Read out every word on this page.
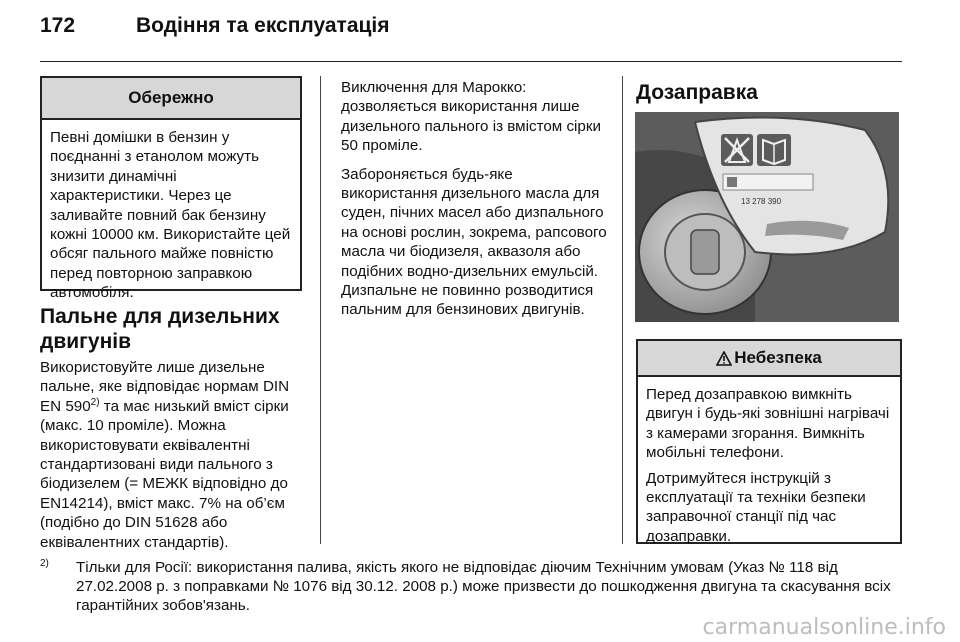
172	Водіння та експлуатація
Обережно

Певні домішки в бензин у поєднанні з етанолом можуть знизити динамічні характеристики. Через це заливайте повний бак бензину кожні 10000 км. Використайте цей обсяг пального майже повністю перед повторною заправкою автомобіля.

Пальне для дизельних двигунів

Використовуйте лише дизельне пальне, яке відповідає нормам DIN EN 590$^{2)}$ та має низький вміст сірки (макс. 10 проміле). Можна використовувати еквівалентні стандартизовані види пального з біодизелем (= МЕЖК відповідно до EN14214), вміст макс. 7% на об’єм (подібно до DIN 51628 або еквівалентних стандартів).

Виключення для Марокко: дозволяється використання лише дизельного пального із вмістом сірки 50 проміле.

Забороняється будь-яке використання дизельного масла для суден, пічних масел або дизпального на основі рослин, зокрема, рапсового масла чи біодизеля, аквазоля або подібних водно-дизельних емульсій. Дизпальне не повинно розводитися пальним для бензинових двигунів.

Дозаправка
13 278 390
Небезпека

Перед дозаправкою вимкніть двигун і будь-які зовнішні нагрівачі з камерами згорання. Вимкніть мобільні телефони.

Дотримуйтеся інструкцій з експлуатації та техніки безпеки заправочної станції під час дозаправки.

2) Тільки для Росії: використання палива, якість якого не відповідає діючим Технічним умовам (Указ № 118 від 27.02.2008 р. з поправками № 1076 від 30.12. 2008 р.) може призвести до пошкодження двигуна та скасування всіх гарантійних зобов'язань.
carmanualsonline.info
